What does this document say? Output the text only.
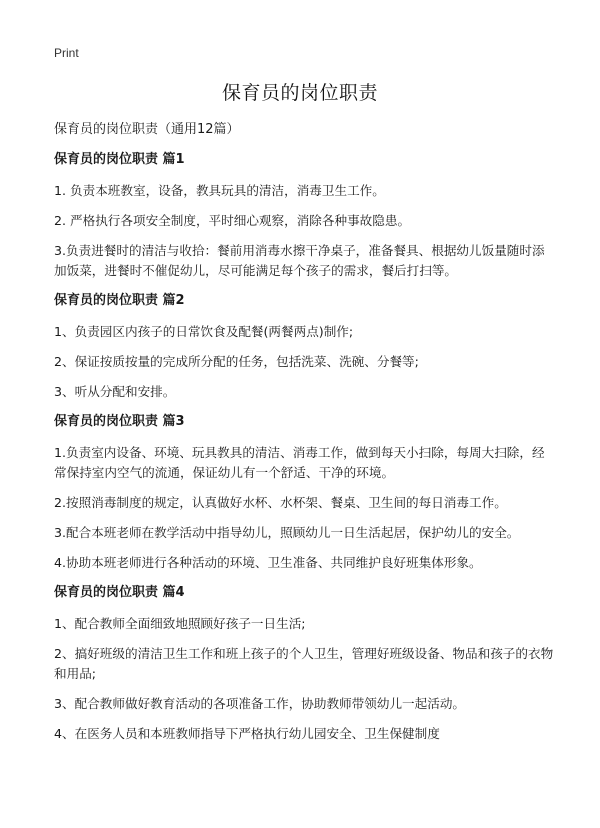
Print
保育员的岗位职责

保育员的岗位职责（通用12篇）

保育员的岗位职责 篇1

1. 负责本班教室，设备，教具玩具的清洁，消毒卫生工作。

2. 严格执行各项安全制度，平时细心观察，消除各种事故隐患。

3.负责进餐时的清洁与收拾：餐前用消毒水擦干净桌子，准备餐具、根据幼儿饭量随时添加饭菜，进餐时不催促幼儿，尽可能满足每个孩子的需求，餐后打扫等。

保育员的岗位职责 篇2

1、负责园区内孩子的日常饮食及配餐(两餐两点)制作;

2、保证按质按量的完成所分配的任务，包括洗菜、洗碗、分餐等;

3、听从分配和安排。

保育员的岗位职责 篇3

1.负责室内设备、环境、玩具教具的清洁、消毒工作，做到每天小扫除，每周大扫除，经常保持室内空气的流通，保证幼儿有一个舒适、干净的环境。

2.按照消毒制度的规定，认真做好水杯、水杯架、餐桌、卫生间的每日消毒工作。

3.配合本班老师在教学活动中指导幼儿，照顾幼儿一日生活起居，保护幼儿的安全。

4.协助本班老师进行各种活动的环境、卫生准备、共同维护良好班集体形象。

保育员的岗位职责 篇4

1、配合教师全面细致地照顾好孩子一日生活;

2、搞好班级的清洁卫生工作和班上孩子的个人卫生，管理好班级设备、物品和孩子的衣物和用品;

3、配合教师做好教育活动的各项准备工作，协助教师带领幼儿一起活动。

4、在医务人员和本班教师指导下严格执行幼儿园安全、卫生保健制度
